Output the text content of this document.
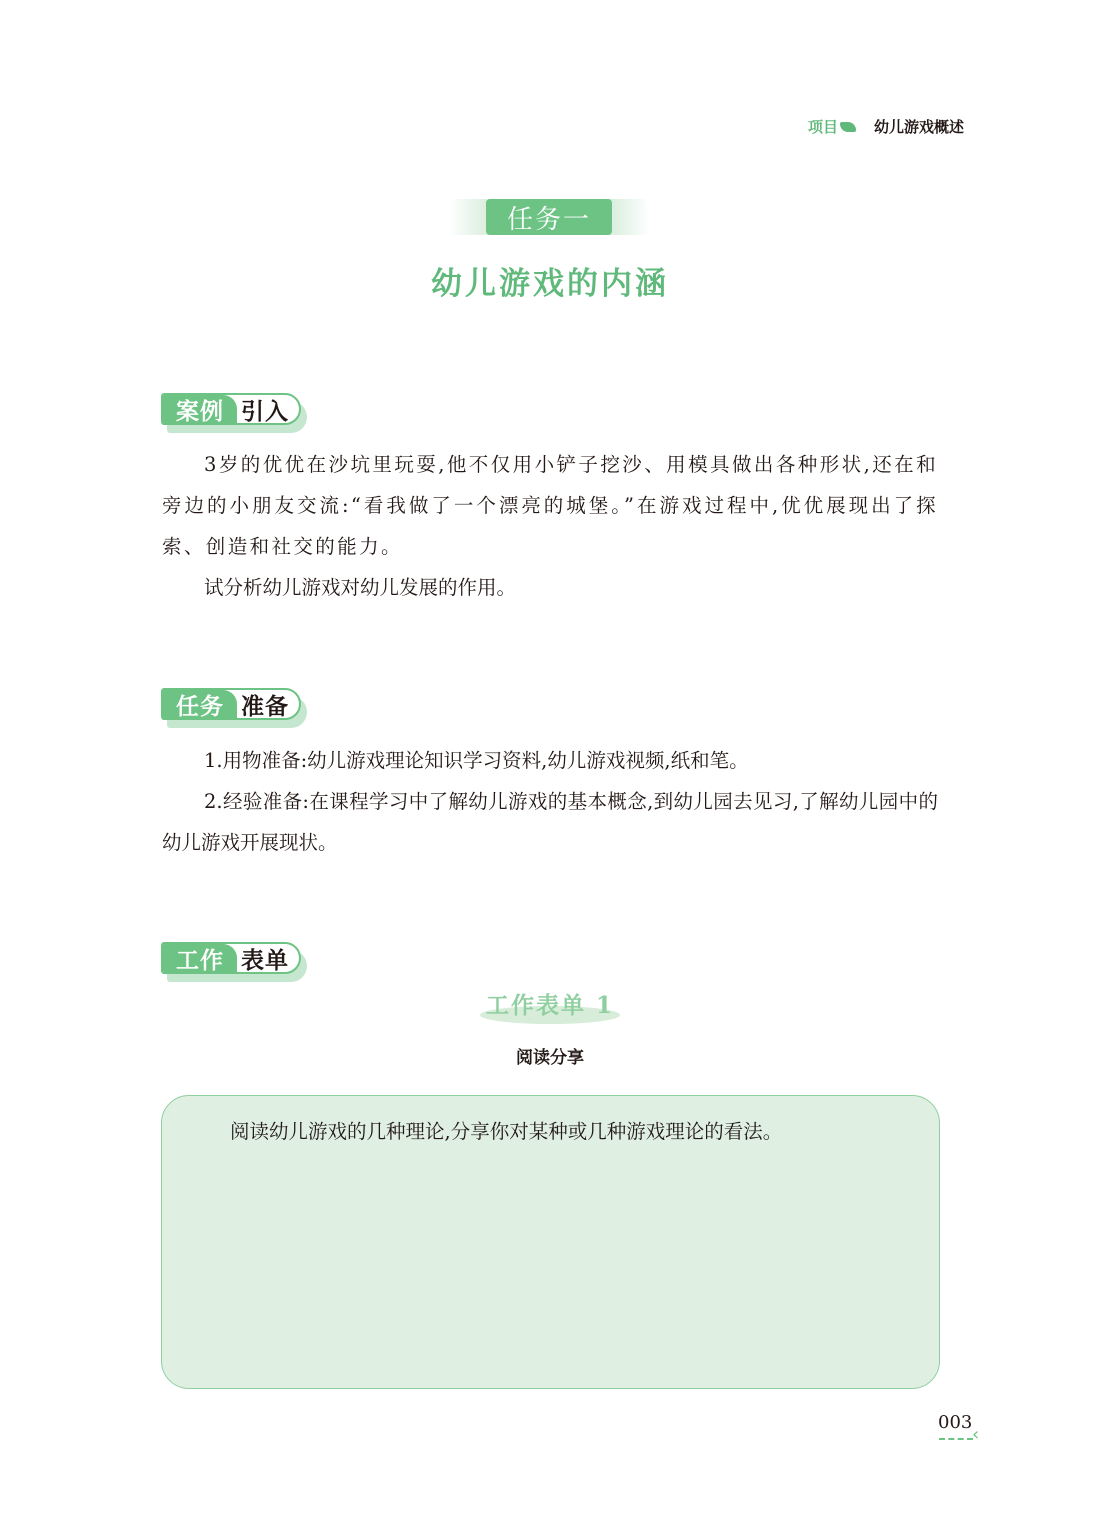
项目 幼儿游戏概述
任务一
幼儿游戏的内涵
案例 引入

3岁的优优在沙坑里玩耍,他不仅用小铲子挖沙、用模具做出各种形状,还在和旁边的小朋友交流:“看我做了一个漂亮的城堡。”在游戏过程中,优优展现出了探索、创造和社交的能力。

试分析幼儿游戏对幼儿发展的作用。

任务 准备

1.用物准备:幼儿游戏理论知识学习资料,幼儿游戏视频,纸和笔。

2.经验准备:在课程学习中了解幼儿游戏的基本概念,到幼儿园去见习,了解幼儿园中的幼儿游戏开展现状。

工作 表单
工作表单 1
阅读分享
阅读幼儿游戏的几种理论,分享你对某种或几种游戏理论的看法。
003
‹
